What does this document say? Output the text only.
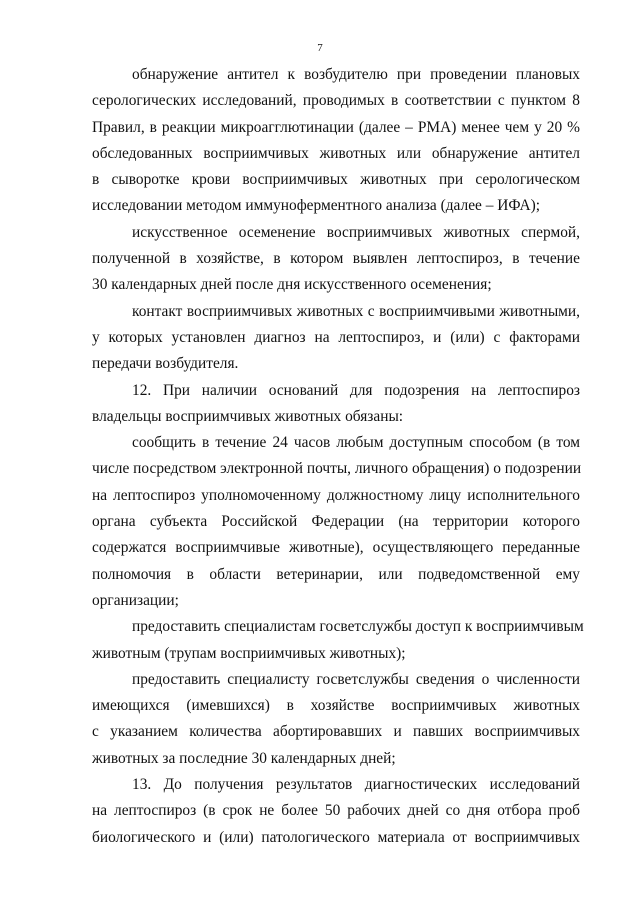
7
обнаружение антител к возбудителю при проведении плановых
серологических исследований, проводимых в соответствии с пунктом 8
Правил, в реакции микроагглютинации (далее – РМА) менее чем у 20 %
обследованных восприимчивых животных или обнаружение антител
в сыворотке крови восприимчивых животных при серологическом
исследовании методом иммуноферментного анализа (далее – ИФА);
искусственное осеменение восприимчивых животных спермой,
полученной в хозяйстве, в котором выявлен лептоспироз, в течение
30 календарных дней после дня искусственного осеменения;
контакт восприимчивых животных с восприимчивыми животными,
у которых установлен диагноз на лептоспироз, и (или) с факторами
передачи возбудителя.
12. При наличии оснований для подозрения на лептоспироз
владельцы восприимчивых животных обязаны:
сообщить в течение 24 часов любым доступным способом (в том
числе посредством электронной почты, личного обращения) о подозрении
на лептоспироз уполномоченному должностному лицу исполнительного
органа субъекта Российской Федерации (на территории которого
содержатся восприимчивые животные), осуществляющего переданные
полномочия в области ветеринарии, или подведомственной ему
организации;
предоставить специалистам госветслужбы доступ к восприимчивым
животным (трупам восприимчивых животных);
предоставить специалисту госветслужбы сведения о численности
имеющихся (имевшихся) в хозяйстве восприимчивых животных
с указанием количества абортировавших и павших восприимчивых
животных за последние 30 календарных дней;
13. До получения результатов диагностических исследований
на лептоспироз (в срок не более 50 рабочих дней со дня отбора проб
биологического и (или) патологического материала от восприимчивых
